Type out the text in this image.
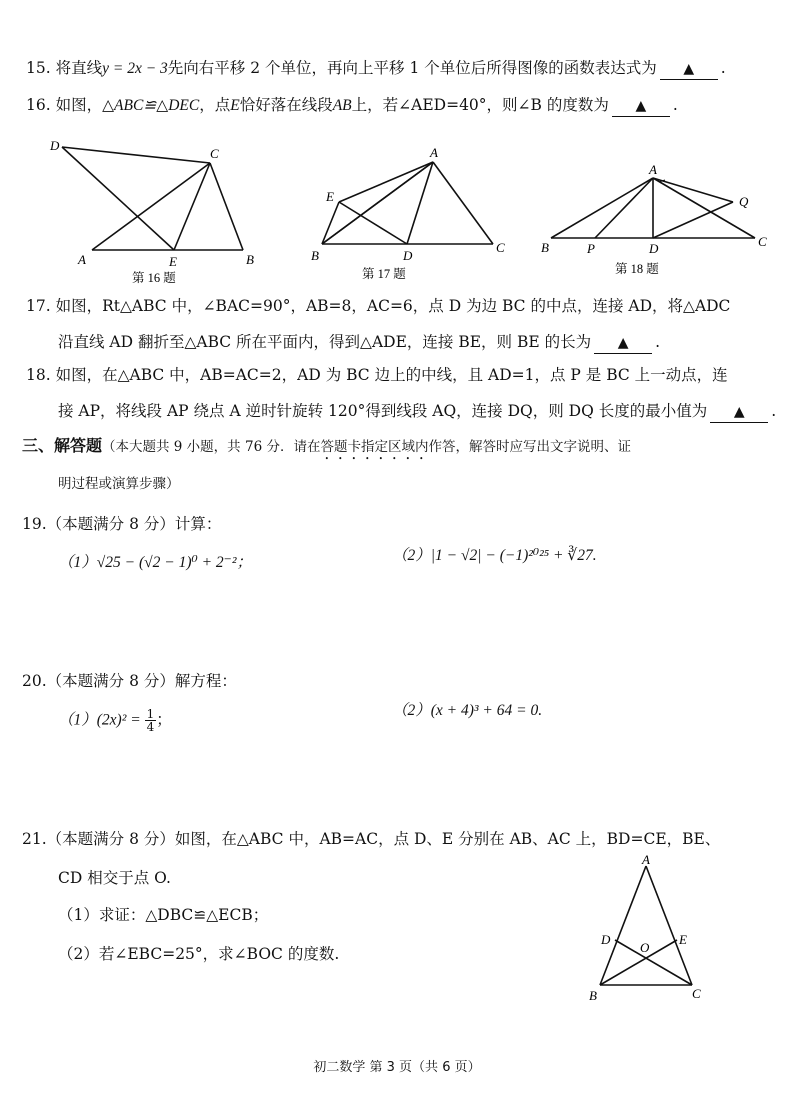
15. 将直线y = 2x − 3先向右平移 2 个单位，再向上平移 1 个单位后所得图像的函数表达式为 ▲ .
16. 如图，△ABC≌△DEC，点E恰好落在线段AB上，若∠AED=40°，则∠B 的度数为 ▲ .
D
C
A	E	B
第 16 题
A
E
B	D
C
第 17 题
A
Q
B	P	D	C
第 18 题
17. 如图，Rt△ABC 中，∠BAC=90°，AB=8，AC=6，点 D 为边 BC 的中点，连接 AD，将△ADC
沿直线 AD 翻折至△ABC 所在平面内，得到△ADE，连接 BE，则 BE 的长为 ▲ .
18. 如图，在△ABC 中，AB=AC=2，AD 为 BC 边上的中线，且 AD=1，点 P 是 BC 上一动点，连
接 AP，将线段 AP 绕点 A 逆时针旋转 120°得到线段 AQ，连接 DQ，则 DQ 长度的最小值为 ▲ .
三、解答题（本大题共 9 小题，共 76 分．请在答题卡指定区域内作答，解答时应写出文字说明、证
明过程或演算步骤）
19.（本题满分 8 分）计算：
（1）√25 − (√2 − 1)⁰ + 2⁻²；	（2）|1 − √2| − (−1)²⁰²⁵ + ∛27.
20.（本题满分 8 分）解方程：
$(1)(2x)^2 = \frac{1}{4}$ ；	（2）(x + 4)³ + 64 = 0.
21.（本题满分 8 分）如图，在△ABC 中，AB=AC，点 D、E 分别在 AB、AC 上，BD=CE，BE、
CD 相交于点 O.
（1）求证：△DBC≌△ECB；
（2）若∠EBC=25°，求∠BOC 的度数.
A
D
O
E
B	C
初二数学 第 3 页（共 6 页）
